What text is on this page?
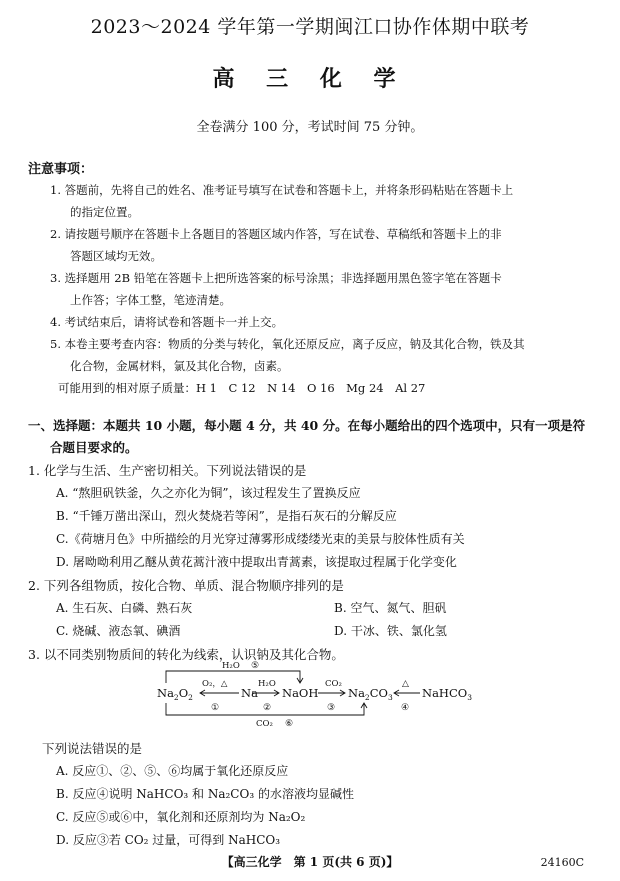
2023～2024 学年第一学期闽江口协作体期中联考
高 三 化 学
全卷满分 100 分，考试时间 75 分钟。
注意事项：
1. 答题前，先将自己的姓名、准考证号填写在试卷和答题卡上，并将条形码粘贴在答题卡上
的指定位置。
2. 请按题号顺序在答题卡上各题目的答题区域内作答，写在试卷、草稿纸和答题卡上的非
答题区域均无效。
3. 选择题用 2B 铅笔在答题卡上把所选答案的标号涂黑；非选择题用黑色签字笔在答题卡
上作答；字体工整，笔迹清楚。
4. 考试结束后，请将试卷和答题卡一并上交。
5. 本卷主要考查内容：物质的分类与转化，氧化还原反应，离子反应，钠及其化合物，铁及其
化合物，金属材料，氯及其化合物，卤素。
可能用到的相对原子质量：H 1　C 12　N 14　O 16　Mg 24　Al 27
一、选择题：本题共 10 小题，每小题 4 分，共 40 分。在每小题给出的四个选项中，只有一项是符
合题目要求的。
1. 化学与生活、生产密切相关。下列说法错误的是
A. “熬胆矾铁釜，久之亦化为铜”，该过程发生了置换反应
B. “千锤万凿出深山，烈火焚烧若等闲”，是指石灰石的分解反应
C.《荷塘月色》中所描绘的月光穿过薄雾形成缕缕光束的美景与胶体性质有关
D. 屠呦呦利用乙醚从黄花蒿汁液中提取出青蒿素，该提取过程属于化学变化
2. 下列各组物质，按化合物、单质、混合物顺序排列的是
A. 生石灰、白磷、熟石灰	B. 空气、氮气、胆矾
C. 烧碱、液态氧、碘酒	D. 干冰、铁、氯化氢
3. 以不同类别物质间的转化为线索，认识钠及其化合物。
$Na_2O_2$	Na NaOH	$Na_2CO_3$	NaHCO$_3$
O₂，△
①
H₂O
②
CO₂
③
△
④
H₂O ⑤
CO₂ ⑥
下列说法错误的是
A. 反应①、②、⑤、⑥均属于氧化还原反应
B. 反应④说明 NaHCO₃ 和 Na₂CO₃ 的水溶液均显碱性
C. 反应⑤或⑥中，氧化剂和还原剂均为 Na₂O₂
D. 反应③若 CO₂ 过量，可得到 NaHCO₃
【高三化学　第 1 页(共 6 页)】	24160C
